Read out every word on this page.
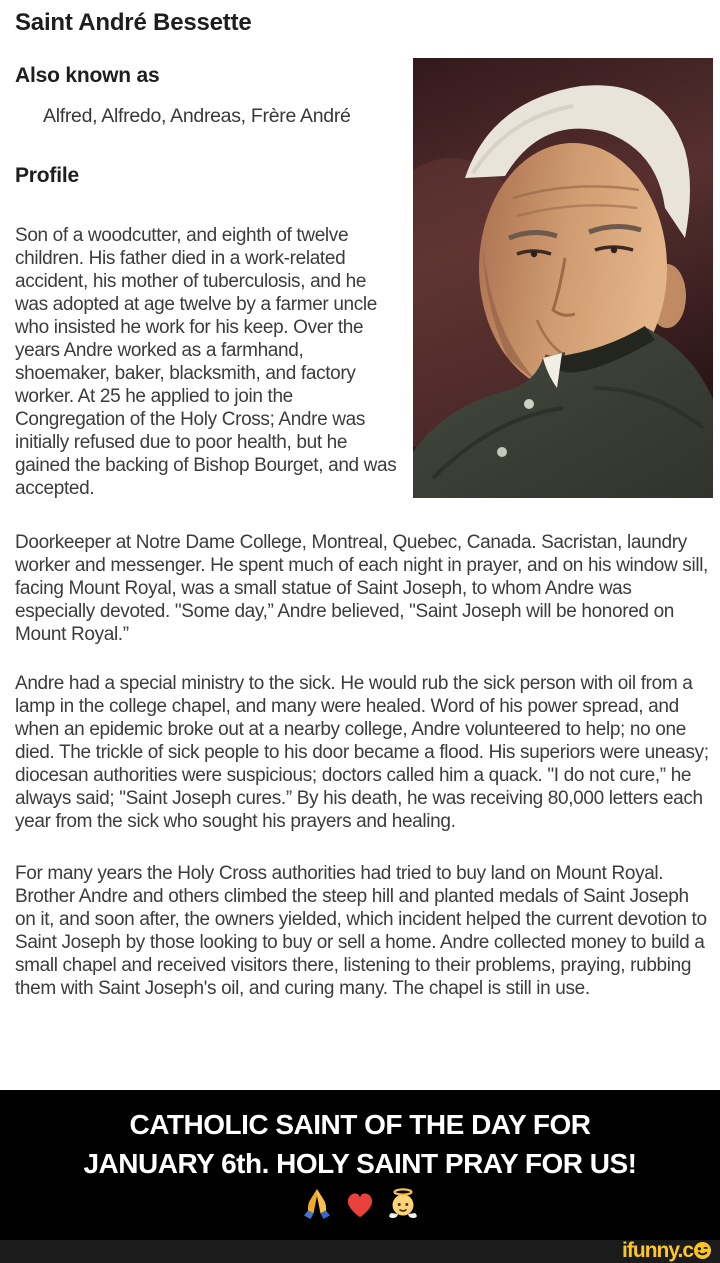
Saint André Bessette
Also known as

Alfred, Alfredo, Andreas, Frère André

Profile

Son of a woodcutter, and eighth of twelve children. His father died in a work-related accident, his mother of tuberculosis, and he was adopted at age twelve by a farmer uncle who insisted he work for his keep. Over the years Andre worked as a farmhand, shoemaker, baker, blacksmith, and factory worker. At 25 he applied to join the Congregation of the Holy Cross; Andre was initially refused due to poor health, but he gained the backing of Bishop Bourget, and was accepted.

Doorkeeper at Notre Dame College, Montreal, Quebec, Canada. Sacristan, laundry worker and messenger. He spent much of each night in prayer, and on his window sill, facing Mount Royal, was a small statue of Saint Joseph, to whom Andre was especially devoted. "Some day,” Andre believed, "Saint Joseph will be honored on Mount Royal.”

Andre had a special ministry to the sick. He would rub the sick person with oil from a lamp in the college chapel, and many were healed. Word of his power spread, and when an epidemic broke out at a nearby college, Andre volunteered to help; no one died. The trickle of sick people to his door became a flood. His superiors were uneasy; diocesan authorities were suspicious; doctors called him a quack. "I do not cure,” he always said; "Saint Joseph cures.” By his death, he was receiving 80,000 letters each year from the sick who sought his prayers and healing.

For many years the Holy Cross authorities had tried to buy land on Mount Royal. Brother Andre and others climbed the steep hill and planted medals of Saint Joseph on it, and soon after, the owners yielded, which incident helped the current devotion to Saint Joseph by those looking to buy or sell a home. Andre collected money to build a small chapel and received visitors there, listening to their problems, praying, rubbing them with Saint Joseph's oil, and curing many. The chapel is still in use.

CATHOLIC SAINT OF THE DAY FOR
JANUARY 6th. HOLY SAINT PRAY FOR US!
ifunny.c
